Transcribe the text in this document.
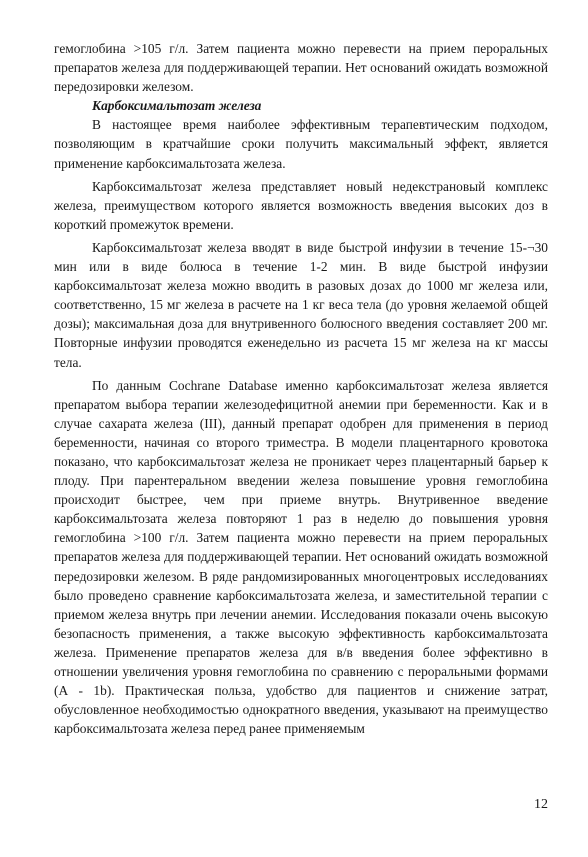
гемоглобина >105 г/л. Затем пациента можно перевести на прием пероральных препаратов железа для поддерживающей терапии. Нет оснований ожидать возможной передозировки железом.

Карбоксимальтозат железа

В настоящее время наиболее эффективным терапевтическим подходом, позволяющим в кратчайшие сроки получить максимальный эффект, является применение карбоксимальтозата железа.

Карбоксимальтозат железа представляет новый недекстрановый комплекс железа, преимуществом которого является возможность введения высоких доз в короткий промежуток времени.

Карбоксимальтозат железа вводят в виде быстрой инфузии в течение 15-¬30 мин или в виде болюса в течение 1-2 мин. В виде быстрой инфузии карбоксимальтозат железа можно вводить в разовых дозах до 1000 мг железа или, соответственно, 15 мг железа в расчете на 1 кг веса тела (до уровня желаемой общей дозы); максимальная доза для внутривенного болюсного введения составляет 200 мг. Повторные инфузии проводятся еженедельно из расчета 15 мг железа на кг массы тела.

По данным Cochrane Database именно карбоксимальтозат железа является препаратом выбора терапии железодефицитной анемии при беременности. Как и в случае сахарата железа (III), данный препарат одобрен для применения в период беременности, начиная со второго триместра. В модели плацентарного кровотока показано, что карбоксимальтозат железа не проникает через плацентарный барьер к плоду. При парентеральном введении железа повышение уровня гемоглобина происходит быстрее, чем при приеме внутрь. Внутривенное введение карбоксимальтозата железа повторяют 1 раз в неделю до повышения уровня гемоглобина >100 г/л. Затем пациента можно перевести на прием пероральных препаратов железа для поддерживающей терапии. Нет оснований ожидать возможной передозировки железом. В ряде рандомизированных многоцентровых исследованиях было проведено сравнение карбоксимальтозата железа, и заместительной терапии с приемом железа внутрь при лечении анемии. Исследования показали очень высокую безопасность применения, а также высокую эффективность карбоксимальтозата железа. Применение препаратов железа для в/в введения более эффективно в отношении увеличения уровня гемоглобина по сравнению с пероральными формами (А - 1b). Практическая польза, удобство для пациентов и снижение затрат, обусловленное необходимостью однократного введения, указывают на преимущество карбоксимальтозата железа перед ранее применяемым

12
